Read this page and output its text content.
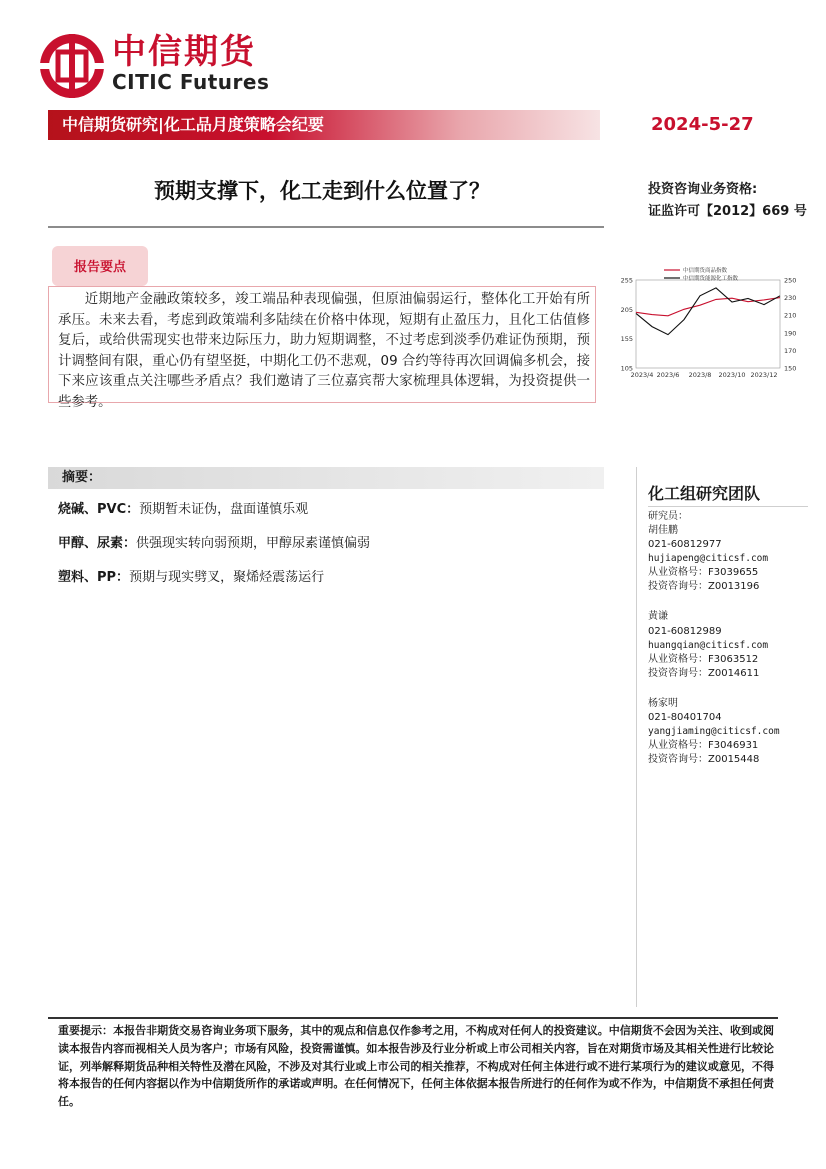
中信期货
CITIC Futures
中信期货研究|化工品月度策略会纪要	2024-5-27
预期支撑下，化工走到什么位置了？	投资咨询业务资格:
证监许可【2012】669 号
报告要点
近期地产金融政策较多，竣工端品种表现偏强，但原油偏弱运行，整体化工开始有所承压。未来去看，考虑到政策端利多陆续在价格中体现，短期有止盈压力，且化工估值修复后，或给供需现实也带来边际压力，助力短期调整，不过考虑到淡季仍难证伪预期，预计调整间有限，重心仍有望坚挺，中期化工仍不悲观，09 合约等待再次回调偏多机会，接下来应该重点关注哪些矛盾点？我们邀请了三位嘉宾帮大家梳理具体逻辑，为投资提供一些参考。
255
205
155
105
250
230
210
190
170
150
2023/4 2023/6 2023/8 2023/10 2023/12
中信期货商品指数
中信期货能源化工指数
摘要：
烧碱、PVC：预期暂未证伪，盘面谨慎乐观
甲醇、尿素：供强现实转向弱预期，甲醇尿素谨慎偏弱
塑料、PP：预期与现实劈叉，聚烯烃震荡运行
化工组研究团队
研究员：
胡佳鹏
021-60812977
hujiapeng@citicsf.com
从业资格号：F3039655
投资咨询号：Z0013196
黄谦
021-60812989
huangqian@citicsf.com
从业资格号：F3063512
投资咨询号：Z0014611
杨家明
021-80401704
yangjiaming@citicsf.com
从业资格号：F3046931
投资咨询号：Z0015448
重要提示：本报告非期货交易咨询业务项下服务，其中的观点和信息仅作参考之用，不构成对任何人的投资建议。中信期货不会因为关注、收到或阅读本报告内容而视相关人员为客户；市场有风险，投资需谨慎。如本报告涉及行业分析或上市公司相关内容，旨在对期货市场及其相关性进行比较论证，列举解释期货品种相关特性及潜在风险，不涉及对其行业或上市公司的相关推荐，不构成对任何主体进行或不进行某项行为的建议或意见，不得将本报告的任何内容据以作为中信期货所作的承诺或声明。在任何情况下，任何主体依据本报告所进行的任何作为或不作为，中信期货不承担任何责任。
